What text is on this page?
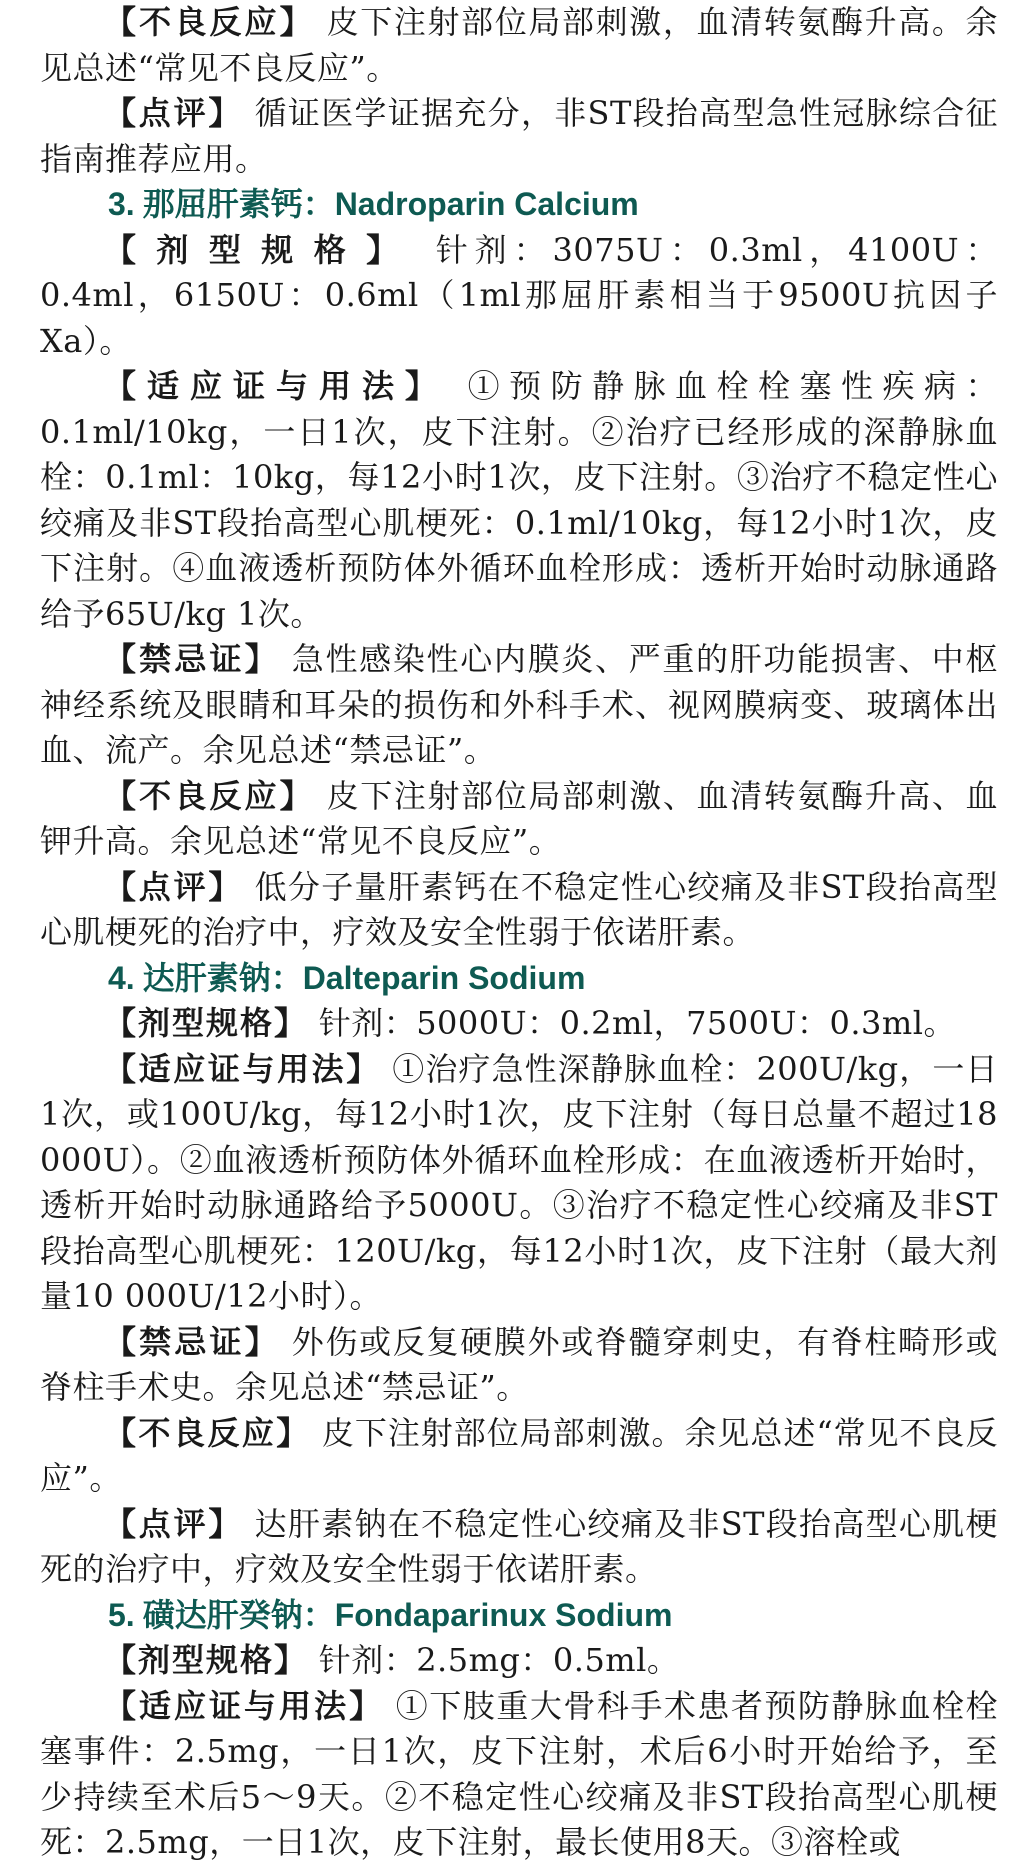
【不良反应】 皮下注射部位局部刺激，血清转氨酶升高。余见总述“常见不良反应”。

【点评】 循证医学证据充分，非ST段抬高型急性冠脉综合征指南推荐应用。

3. 那屈肝素钙：Nadroparin Calcium

【剂型规格】 针剂：3075U：0.3ml，4100U：0.4ml，6150U：0.6ml（1ml那屈肝素相当于9500U抗因子Ⅹa）。

【适应证与用法】 ①预防静脉血栓栓塞性疾病：0.1ml/10kg，一日1次，皮下注射。②治疗已经形成的深静脉血栓：0.1ml：10kg，每12小时1次，皮下注射。③治疗不稳定性心绞痛及非ST段抬高型心肌梗死：0.1ml/10kg，每12小时1次，皮下注射。④血液透析预防体外循环血栓形成：透析开始时动脉通路给予65U/kg 1次。

【禁忌证】 急性感染性心内膜炎、严重的肝功能损害、中枢神经系统及眼睛和耳朵的损伤和外科手术、视网膜病变、玻璃体出血、流产。余见总述“禁忌证”。

【不良反应】 皮下注射部位局部刺激、血清转氨酶升高、血钾升高。余见总述“常见不良反应”。

【点评】 低分子量肝素钙在不稳定性心绞痛及非ST段抬高型心肌梗死的治疗中，疗效及安全性弱于依诺肝素。

4. 达肝素钠：Dalteparin Sodium

【剂型规格】 针剂：5000U：0.2ml，7500U：0.3ml。

【适应证与用法】 ①治疗急性深静脉血栓：200U/kg，一日1次，或100U/kg，每12小时1次，皮下注射（每日总量不超过18 000U）。②血液透析预防体外循环血栓形成：在血液透析开始时，透析开始时动脉通路给予5000U。③治疗不稳定性心绞痛及非ST段抬高型心肌梗死：120U/kg，每12小时1次，皮下注射（最大剂量10 000U/12小时）。

【禁忌证】 外伤或反复硬膜外或脊髓穿刺史，有脊柱畸形或脊柱手术史。余见总述“禁忌证”。

【不良反应】 皮下注射部位局部刺激。余见总述“常见不良反应”。

【点评】 达肝素钠在不稳定性心绞痛及非ST段抬高型心肌梗死的治疗中，疗效及安全性弱于依诺肝素。

5. 磺达肝癸钠：Fondaparinux Sodium

【剂型规格】 针剂：2.5mg：0.5ml。

【适应证与用法】 ①下肢重大骨科手术患者预防静脉血栓栓塞事件：2.5mg，一日1次，皮下注射，术后6小时开始给予，至少持续至术后5～9天。②不稳定性心绞痛及非ST段抬高型心肌梗死：2.5mg，一日1次，皮下注射，最长使用8天。③溶栓或
